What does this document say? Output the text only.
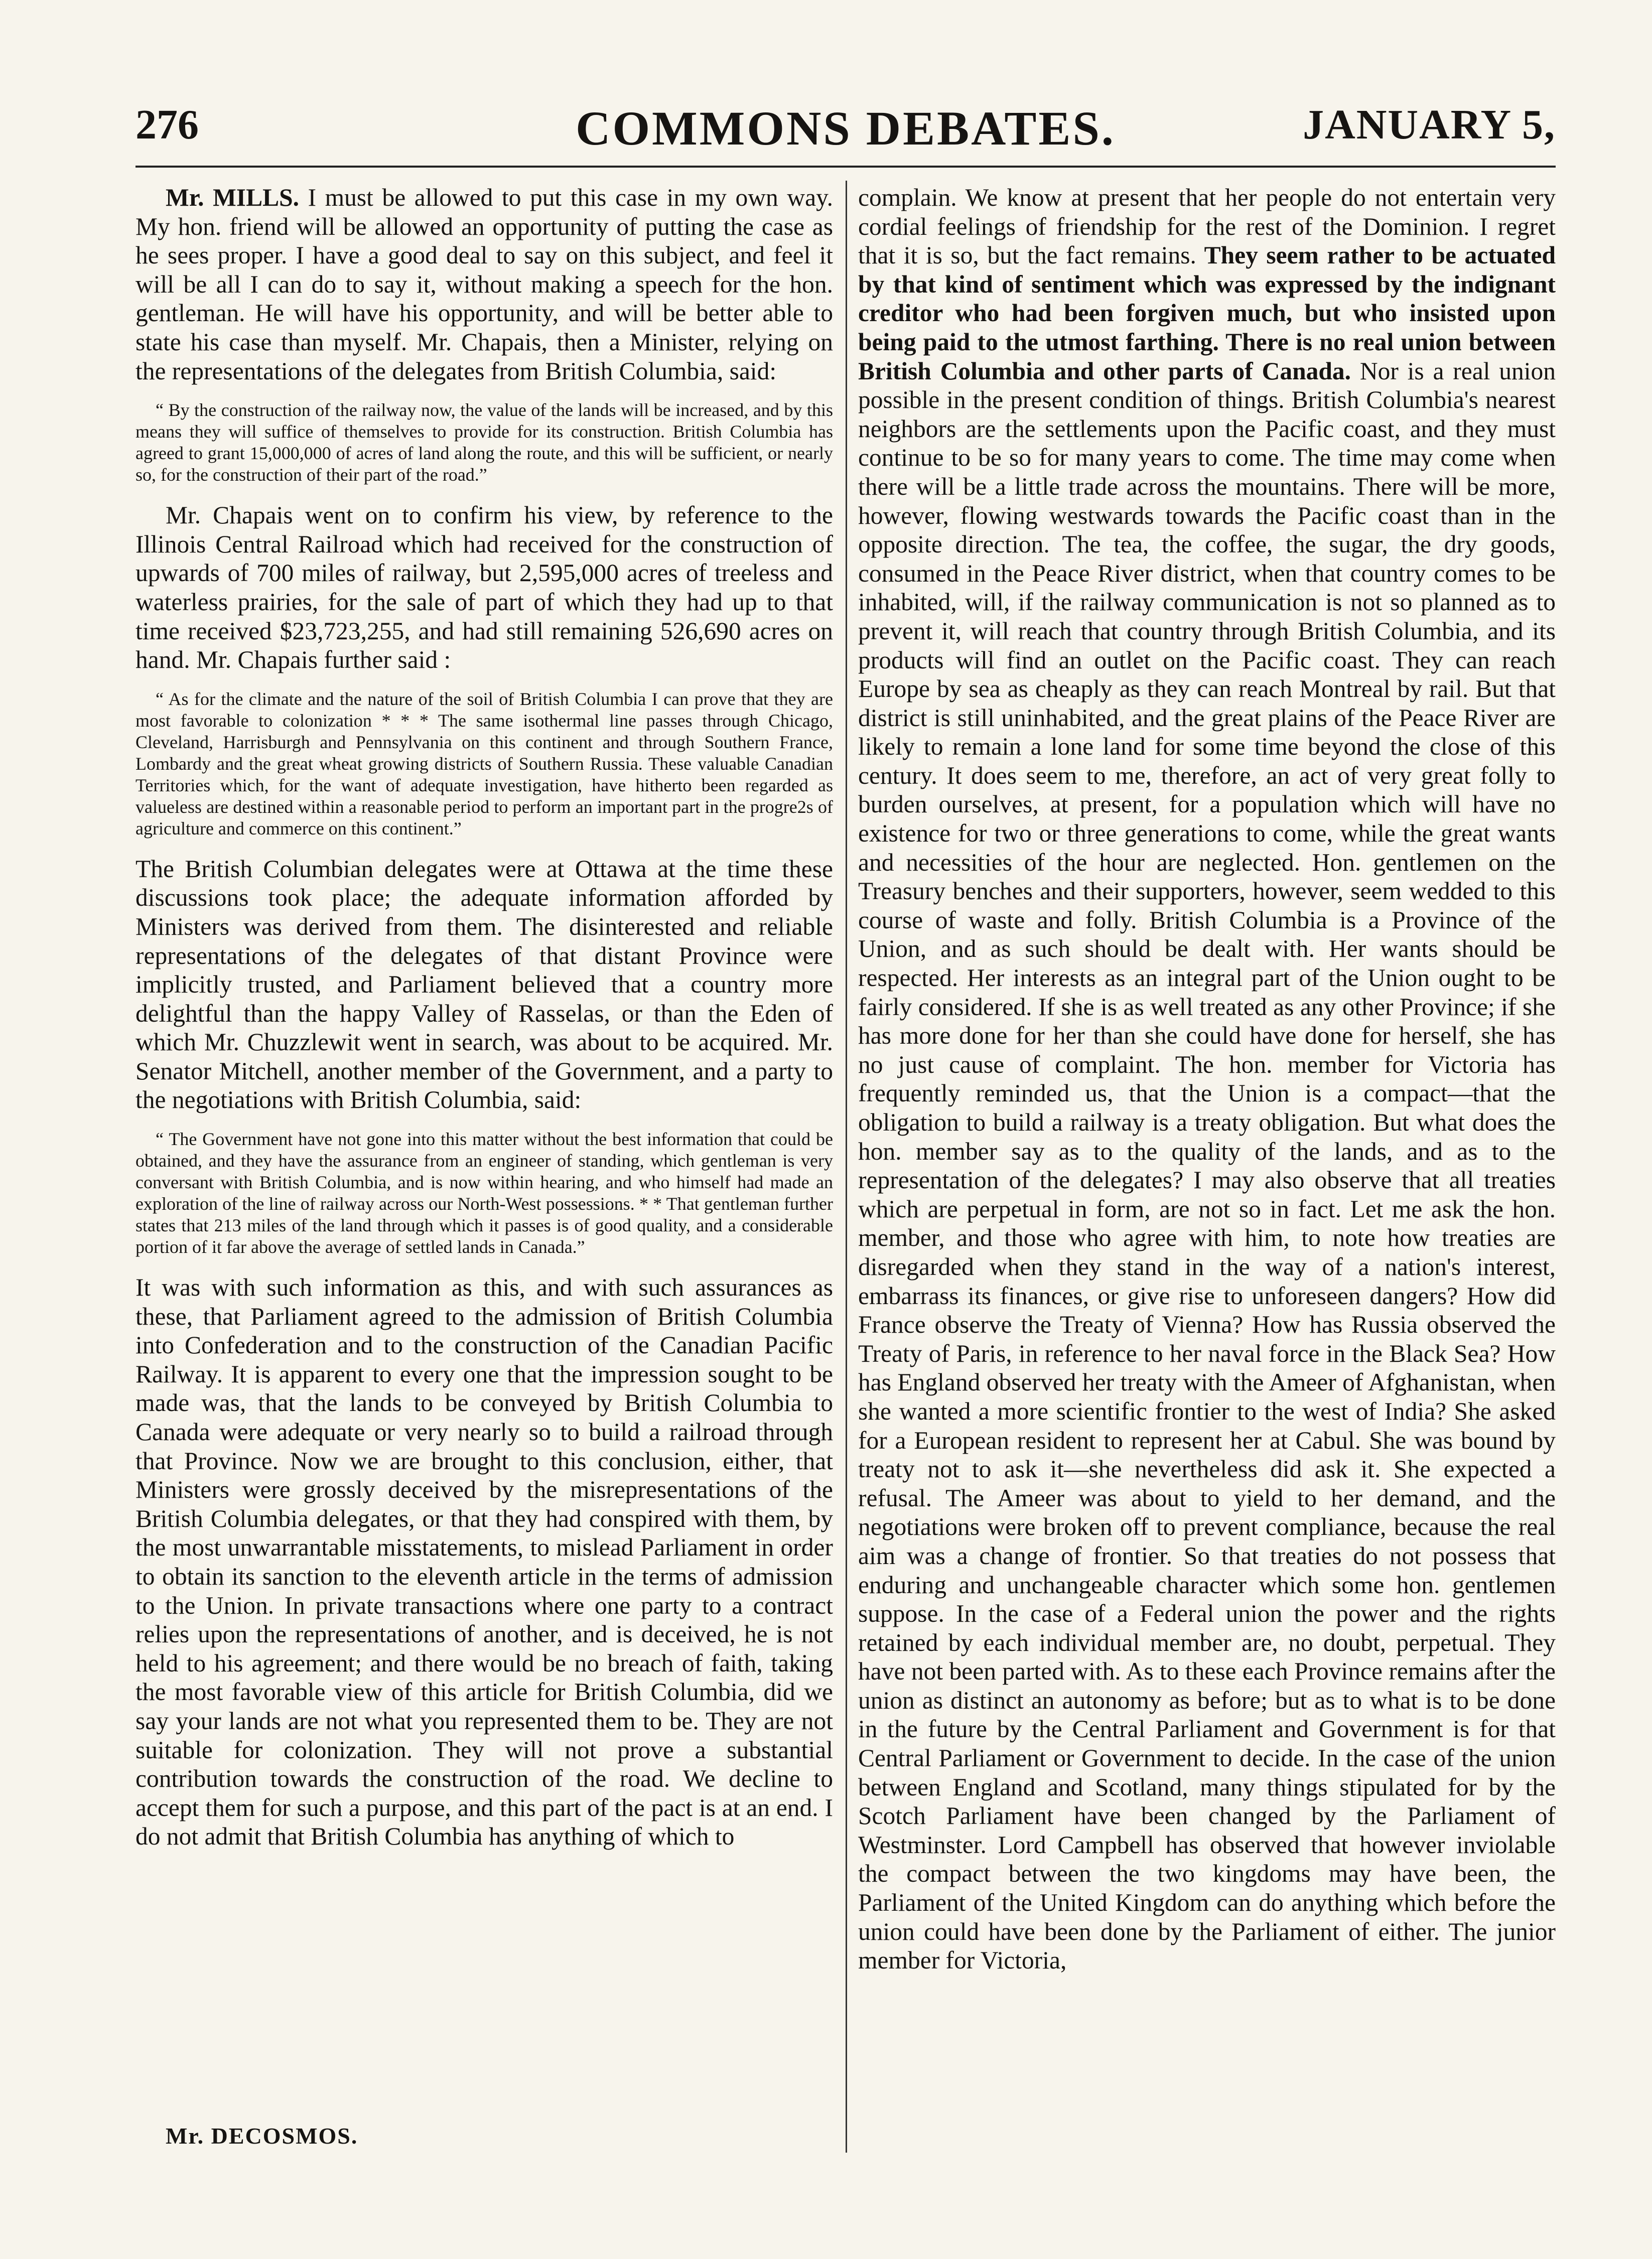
276	COMMONS DEBATES.	JANUARY 5,

Mr. MILLS. I must be allowed to put this case in my own way. My hon. friend will be allowed an opportunity of putting the case as he sees proper. I have a good deal to say on this subject, and feel it will be all I can do to say it, without making a speech for the hon. gentleman. He will have his opportunity, and will be better able to state his case than myself. Mr. Chapais, then a Minister, relying on the representations of the delegates from British Columbia, said:

“ By the construction of the railway now, the value of the lands will be increased, and by this means they will suffice of themselves to provide for its construction. British Columbia has agreed to grant 15,000,000 of acres of land along the route, and this will be sufficient, or nearly so, for the construction of their part of the road.”

Mr. Chapais went on to confirm his view, by reference to the Illinois Central Railroad which had received for the construction of upwards of 700 miles of railway, but 2,595,000 acres of treeless and waterless prairies, for the sale of part of which they had up to that time received $23,723,255, and had still remaining 526,690 acres on hand. Mr. Chapais further said :

“ As for the climate and the nature of the soil of British Columbia I can prove that they are most favorable to colonization * * * The same isothermal line passes through Chicago, Cleveland, Harrisburgh and Pennsylvania on this continent and through Southern France, Lombardy and the great wheat growing districts of Southern Russia. These valuable Canadian Territories which, for the want of adequate investigation, have hitherto been regarded as valueless are destined within a reasonable period to perform an important part in the progre2s of agriculture and commerce on this continent.”

The British Columbian delegates were at Ottawa at the time these discussions took place; the adequate information afforded by Ministers was derived from them. The disinterested and reliable representations of the delegates of that distant Province were implicitly trusted, and Parliament believed that a country more delightful than the happy Valley of Rasselas, or than the Eden of which Mr. Chuzzlewit went in search, was about to be acquired. Mr. Senator Mitchell, another member of the Government, and a party to the negotiations with British Columbia, said:

“ The Government have not gone into this matter without the best information that could be obtained, and they have the assurance from an engineer of standing, which gentleman is very conversant with British Columbia, and is now within hearing, and who himself had made an exploration of the line of railway across our North-West possessions. * * That gentleman further states that 213 miles of the land through which it passes is of good quality, and a considerable portion of it far above the average of settled lands in Canada.”

It was with such information as this, and with such assurances as these, that Parliament agreed to the admission of British Columbia into Confederation and to the construction of the Canadian Pacific Railway. It is apparent to every one that the impression sought to be made was, that the lands to be conveyed by British Columbia to Canada were adequate or very nearly so to build a railroad through that Province. Now we are brought to this conclusion, either, that Ministers were grossly deceived by the misrepresentations of the British Columbia delegates, or that they had conspired with them, by the most unwarrantable misstatements, to mislead Parliament in order to obtain its sanction to the eleventh article in the terms of admission to the Union. In private transactions where one party to a contract relies upon the representations of another, and is deceived, he is not held to his agreement; and there would be no breach of faith, taking the most favorable view of this article for British Columbia, did we say your lands are not what you represented them to be. They are not suitable for colonization. They will not prove a substantial contribution towards the construction of the road. We decline to accept them for such a purpose, and this part of the pact is at an end. I do not admit that British Columbia has anything of which to

complain. We know at present that her people do not entertain very cordial feelings of friendship for the rest of the Dominion. I regret that it is so, but the fact remains. They seem rather to be actuated by that kind of sentiment which was expressed by the indignant creditor who had been forgiven much, but who insisted upon being paid to the utmost farthing. There is no real union between British Columbia and other parts of Canada. Nor is a real union possible in the present condition of things. British Columbia's nearest neighbors are the settlements upon the Pacific coast, and they must continue to be so for many years to come. The time may come when there will be a little trade across the mountains. There will be more, however, flowing westwards towards the Pacific coast than in the opposite direction. The tea, the coffee, the sugar, the dry goods, consumed in the Peace River district, when that country comes to be inhabited, will, if the railway communication is not so planned as to prevent it, will reach that country through British Columbia, and its products will find an outlet on the Pacific coast. They can reach Europe by sea as cheaply as they can reach Montreal by rail. But that district is still uninhabited, and the great plains of the Peace River are likely to remain a lone land for some time beyond the close of this century. It does seem to me, therefore, an act of very great folly to burden ourselves, at present, for a population which will have no existence for two or three generations to come, while the great wants and necessities of the hour are neglected. Hon. gentlemen on the Treasury benches and their supporters, however, seem wedded to this course of waste and folly. British Columbia is a Province of the Union, and as such should be dealt with. Her wants should be respected. Her interests as an integral part of the Union ought to be fairly considered. If she is as well treated as any other Province; if she has more done for her than she could have done for herself, she has no just cause of complaint. The hon. member for Victoria has frequently reminded us, that the Union is a compact—that the obligation to build a railway is a treaty obligation. But what does the hon. member say as to the quality of the lands, and as to the representation of the delegates? I may also observe that all treaties which are perpetual in form, are not so in fact. Let me ask the hon. member, and those who agree with him, to note how treaties are disregarded when they stand in the way of a nation's interest, embarrass its finances, or give rise to unforeseen dangers? How did France observe the Treaty of Vienna? How has Russia observed the Treaty of Paris, in reference to her naval force in the Black Sea? How has England observed her treaty with the Ameer of Afghanistan, when she wanted a more scientific frontier to the west of India? She asked for a European resident to represent her at Cabul. She was bound by treaty not to ask it—she nevertheless did ask it. She expected a refusal. The Ameer was about to yield to her demand, and the negotiations were broken off to prevent compliance, because the real aim was a change of frontier. So that treaties do not possess that enduring and unchangeable character which some hon. gentlemen suppose. In the case of a Federal union the power and the rights retained by each individual member are, no doubt, perpetual. They have not been parted with. As to these each Province remains after the union as distinct an autonomy as before; but as to what is to be done in the future by the Central Parliament and Government is for that Central Parliament or Government to decide. In the case of the union between England and Scotland, many things stipulated for by the Scotch Parliament have been changed by the Parliament of Westminster. Lord Campbell has observed that however inviolable the compact between the two kingdoms may have been, the Parliament of the United Kingdom can do anything which before the union could have been done by the Parliament of either. The junior member for Victoria,

Mr. DECOSMOS.
